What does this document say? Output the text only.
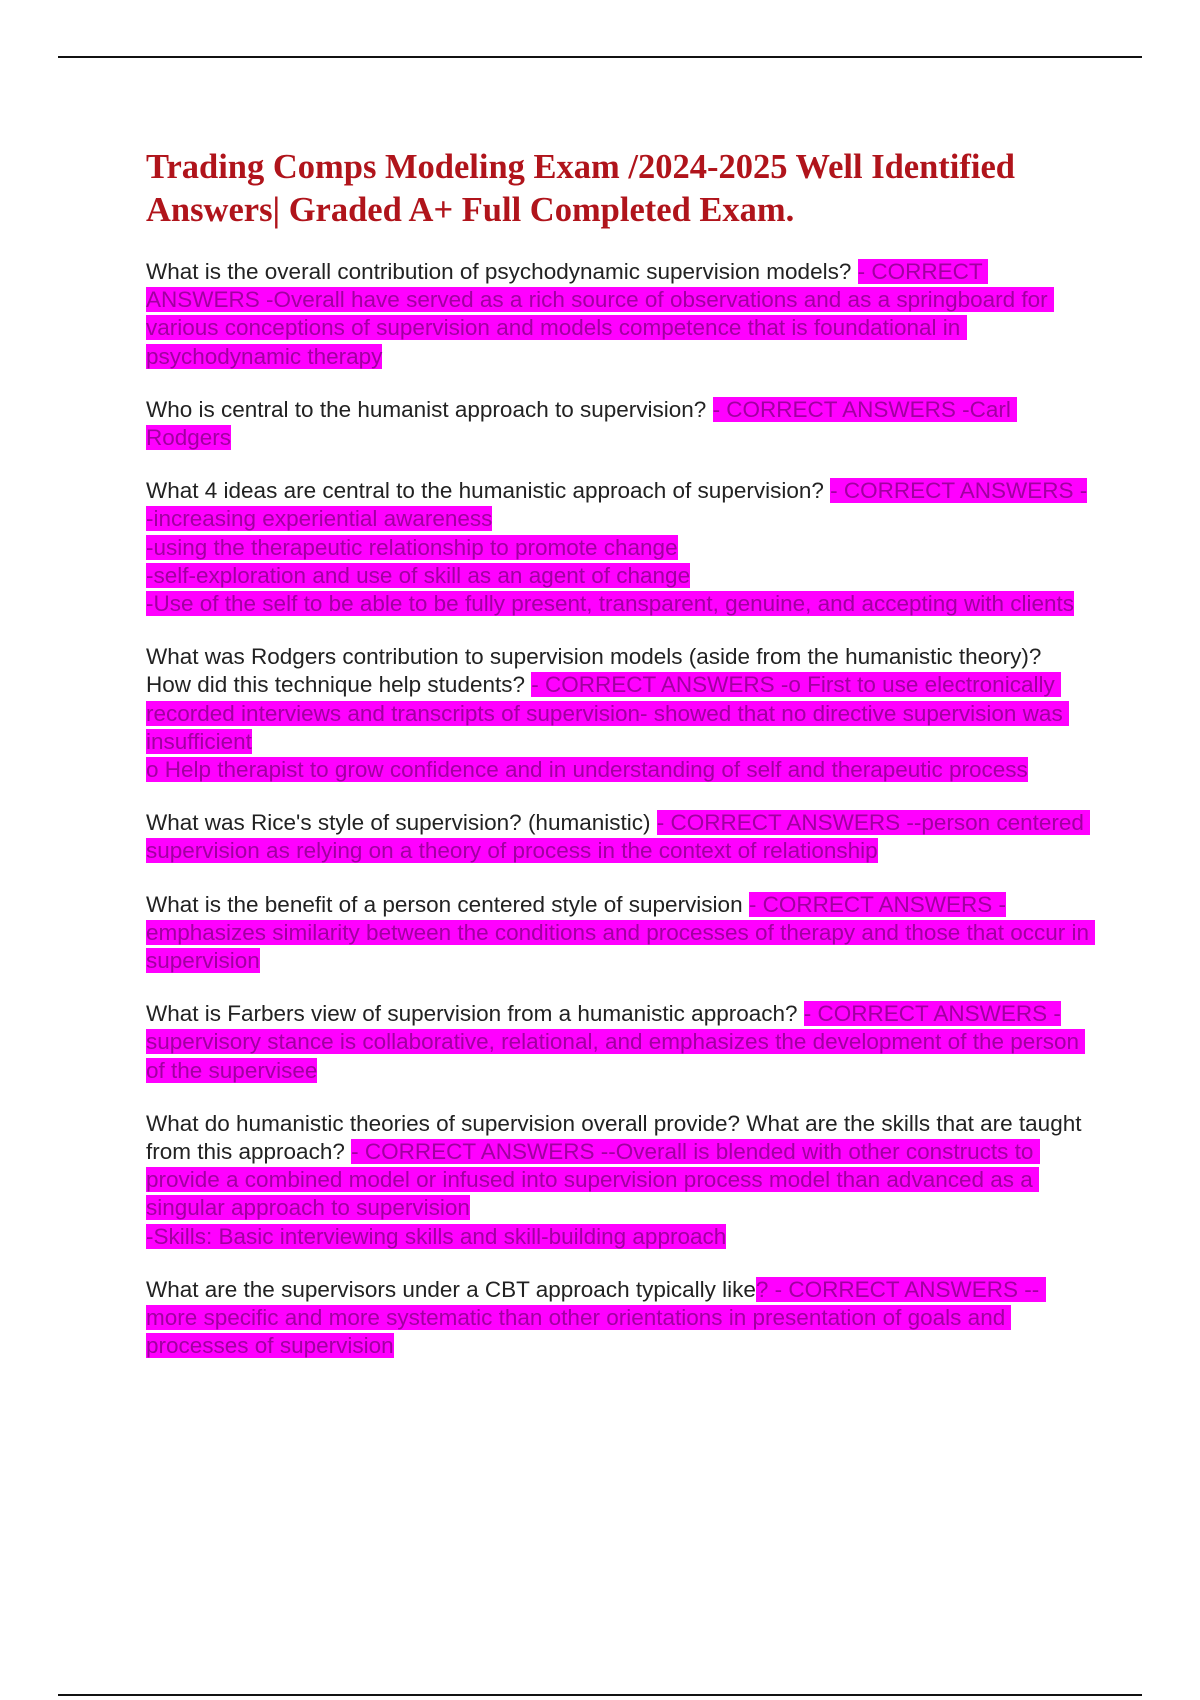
Trading Comps Modeling Exam /2024-2025 Well Identified Answers| Graded A+ Full Completed Exam.

What is the overall contribution of psychodynamic supervision models? - CORRECT ANSWERS -Overall have served as a rich source of observations and as a springboard for various conceptions of supervision and models competence that is foundational in psychodynamic therapy

Who is central to the humanist approach to supervision? - CORRECT ANSWERS -Carl Rodgers

What 4 ideas are central to the humanistic approach of supervision? - CORRECT ANSWERS --increasing experiential awareness
-using the therapeutic relationship to promote change
-self-exploration and use of skill as an agent of change
-Use of the self to be able to be fully present, transparent, genuine, and accepting with clients

What was Rodgers contribution to supervision models (aside from the humanistic theory)? How did this technique help students? - CORRECT ANSWERS -o First to use electronically recorded interviews and transcripts of supervision- showed that no directive supervision was insufficient
o Help therapist to grow confidence and in understanding of self and therapeutic process

What was Rice's style of supervision? (humanistic) - CORRECT ANSWERS --person centered supervision as relying on a theory of process in the context of relationship

What is the benefit of a person centered style of supervision - CORRECT ANSWERS -emphasizes similarity between the conditions and processes of therapy and those that occur in supervision

What is Farbers view of supervision from a humanistic approach? - CORRECT ANSWERS -supervisory stance is collaborative, relational, and emphasizes the development of the person of the supervisee

What do humanistic theories of supervision overall provide? What are the skills that are taught from this approach? - CORRECT ANSWERS --Overall is blended with other constructs to provide a combined model or infused into supervision process model than advanced as a singular approach to supervision
-Skills: Basic interviewing skills and skill-building approach

What are the supervisors under a CBT approach typically like? - CORRECT ANSWERS -- more specific and more systematic than other orientations in presentation of goals and processes of supervision
